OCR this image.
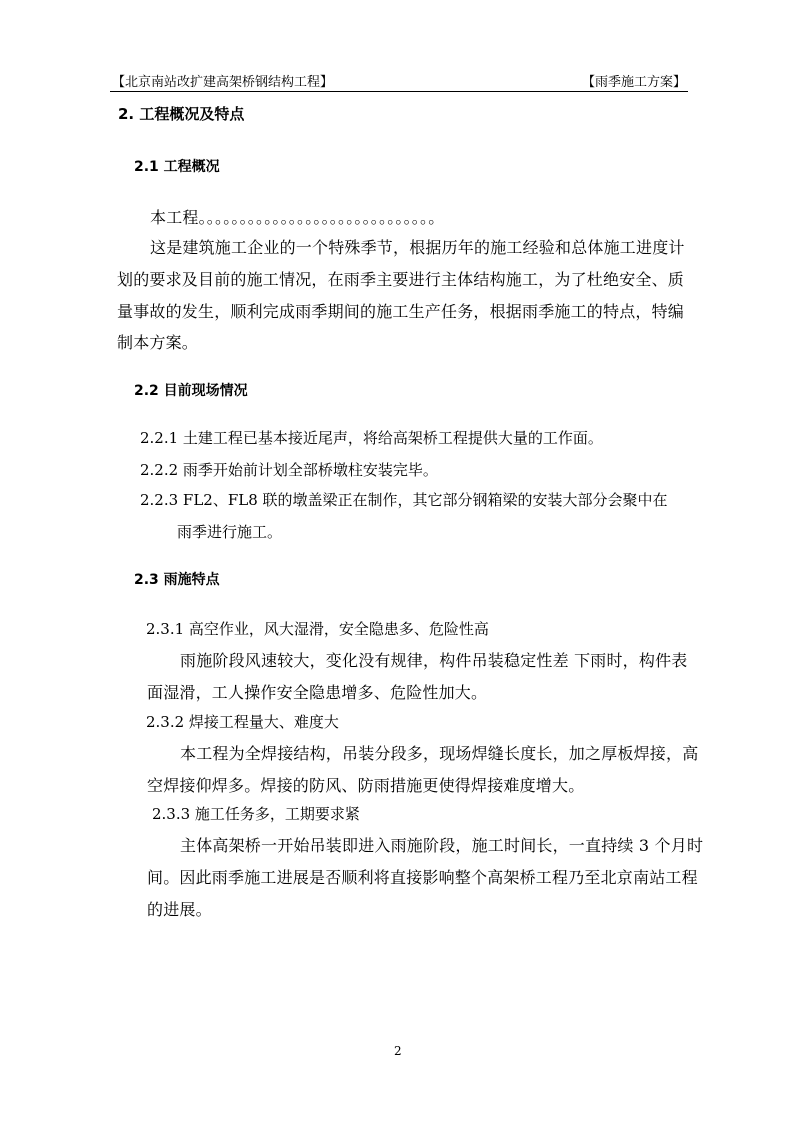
【北京南站改扩建高架桥钢结构工程】	【雨季施工方案】
2. 工程概况及特点
2.1 工程概况
本工程。。。。。。。。。。。。。。。。。。。。。。。。。。。。。
这是建筑施工企业的一个特殊季节，根据历年的施工经验和总体施工进度计
划的要求及目前的施工情况，在雨季主要进行主体结构施工，为了杜绝安全、质
量事故的发生，顺利完成雨季期间的施工生产任务，根据雨季施工的特点，特编
制本方案。
2.2 目前现场情况
2.2.1 土建工程已基本接近尾声，将给高架桥工程提供大量的工作面。
2.2.2 雨季开始前计划全部桥墩柱安装完毕。
2.2.3 FL2、FL8 联的墩盖梁正在制作，其它部分钢箱梁的安装大部分会聚中在
雨季进行施工。
2.3 雨施特点
2.3.1 高空作业，风大湿滑，安全隐患多、危险性高
雨施阶段风速较大，变化没有规律，构件吊装稳定性差 下雨时，构件表
面湿滑，工人操作安全隐患增多、危险性加大。
2.3.2 焊接工程量大、难度大
本工程为全焊接结构，吊装分段多，现场焊缝长度长，加之厚板焊接，高
空焊接仰焊多。焊接的防风、防雨措施更使得焊接难度增大。
2.3.3 施工任务多，工期要求紧
主体高架桥一开始吊装即进入雨施阶段，施工时间长，一直持续 3 个月时
间。因此雨季施工进展是否顺利将直接影响整个高架桥工程乃至北京南站工程
的进展。
2
